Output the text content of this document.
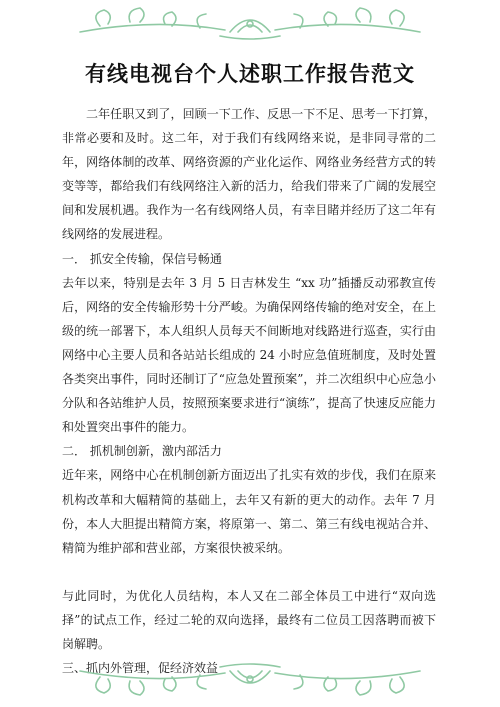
有线电视台个人述职工作报告范文

二年任职又到了，回顾一下工作、反思一下不足、思考一下打算，非常必要和及时。这二年，对于我们有线网络来说，是非同寻常的二年，网络体制的改革、网络资源的产业化运作、网络业务经营方式的转变等等，都给我们有线网络注入新的活力，给我们带来了广阔的发展空间和发展机遇。我作为一名有线网络人员，有幸目睹并经历了这二年有线网络的发展进程。

一． 抓安全传输，保信号畅通

去年以来，特别是去年 3 月 5 日吉林发生 “xx 功”插播反动邪教宣传后，网络的安全传输形势十分严峻。为确保网络传输的绝对安全，在上级的统一部署下，本人组织人员每天不间断地对线路进行巡查，实行由网络中心主要人员和各站站长组成的 24 小时应急值班制度，及时处置各类突出事件，同时还制订了“应急处置预案”，并二次组织中心应急小分队和各站维护人员，按照预案要求进行“演练”，提高了快速反应能力和处置突出事件的能力。

二． 抓机制创新，激内部活力

近年来，网络中心在机制创新方面迈出了扎实有效的步伐，我们在原来机构改革和大幅精简的基础上，去年又有新的更大的动作。去年 7 月份，本人大胆提出精简方案，将原第一、第二、第三有线电视站合并、精简为维护部和营业部，方案很快被采纳。

与此同时，为优化人员结构，本人又在二部全体员工中进行“双向选择”的试点工作，经过二轮的双向选择，最终有二位员工因落聘而被下岗解聘。

三、抓内外管理，促经济效益
